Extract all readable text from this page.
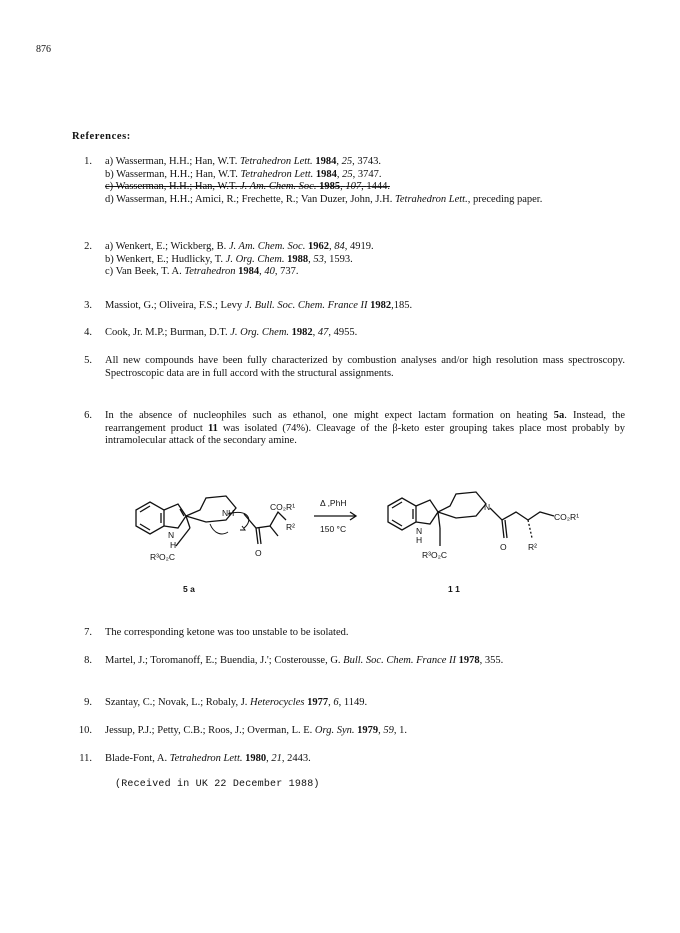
876
References:
1. a) Wasserman, H.H.; Han, W.T. Tetrahedron Lett. 1984, 25, 3743.
b) Wasserman, H.H.; Han, W.T. Tetrahedron Lett. 1984, 25, 3747.
c) Wasserman, H.H.; Han, W.T. J. Am. Chem. Soc. 1985, 107, 1444.
d) Wasserman, H.H.; Amici, R.; Frechette, R.; Van Duzer, John, J.H. Tetrahedron Lett., preceding paper.
2. a) Wenkert, E.; Wickberg, B. J. Am. Chem. Soc. 1962, 84, 4919.
b) Wenkert, E.; Hudlicky, T. J. Org. Chem. 1988, 53, 1593.
c) Van Beek, T. A. Tetrahedron 1984, 40, 737.
3. Massiot, G.; Oliveira, F.S.; Levy J. Bull. Soc. Chem. France II 1982,185.
4. Cook, Jr. M.P.; Burman, D.T. J. Org. Chem. 1982, 47, 4955.
5. All new compounds have been fully characterized by combustion analyses and/or high resolution mass spectroscopy. Spectroscopic data are in full accord with the structural assignments.
6. In the absence of nucleophiles such as ethanol, one might expect lactam formation on heating 5a. Instead, the rearrangement product 11 was isolated (74%). Cleavage of the β-keto ester grouping takes place most probably by intramolecular attack of the secondary amine.
N
H
NH
CO₂R¹
R³O₂C
R²
O
5 a
Δ ,PhH
150 °C	N
H
N
CO₂R¹
R³O₂C
O	R²
1 1
7. The corresponding ketone was too unstable to be isolated.
8. Martel, J.; Toromanoff, E.; Buendia, J.'; Costerousse, G. Bull. Soc. Chem. France II 1978, 355.
9. Szantay, C.; Novak, L.; Robaly, J. Heterocycles 1977, 6, 1149.
10. Jessup, P.J.; Petty, C.B.; Roos, J.; Overman, L. E. Org. Syn. 1979, 59, 1.
11. Blade-Font, A. Tetrahedron Lett. 1980, 21, 2443.
(Received in UK 22 December 1988)
